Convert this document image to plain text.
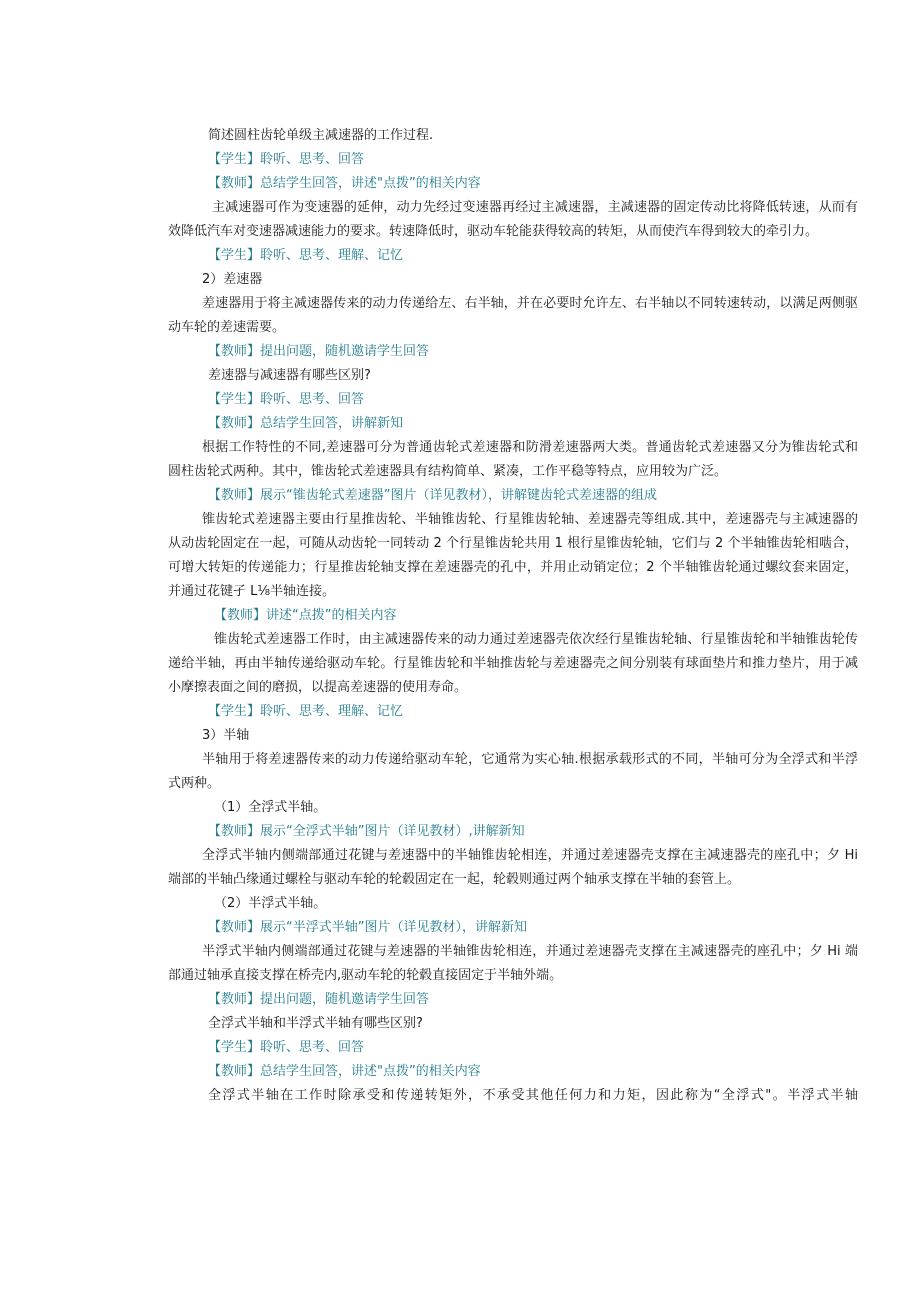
简述圆柱齿轮单级主减速器的工作过程.
【学生】聆听、思考、回答
【教师】总结学生回答，讲述"点拨”的相关内容
主减速器可作为变速器的延伸，动力先经过变速器再经过主减速器，主减速器的固定传动比将降低转速，从而有
效降低汽车对变速器减速能力的要求。转速降低时，驱动车轮能获得较高的转矩，从而使汽车得到较大的牵引力。
【学生】聆听、思考、理解、记忆
2）差速器
差速器用于将主减速器传来的动力传递给左、右半轴，并在必要时允许左、右半轴以不同转速转动，以满足两侧驱
动车轮的差速需要。
【教师】提出问题，随机邀请学生回答
差速器与减速器有哪些区别?
【学生】聆听、思考、回答
【教师】总结学生回答，讲解新知
根据工作特性的不同,差速器可分为普通齿轮式差速器和防滑差速器两大类。普通齿轮式差速器又分为锥齿轮式和
圆柱齿轮式两种。其中，锥齿轮式差速器具有结构简单、紧凑，工作平稳等特点，应用较为广泛。
【教师】展示“锥齿轮式差速器”图片（详见教材），讲解键齿轮式差速器的组成
锥齿轮式差速器主要由行星推齿轮、半轴锥齿轮、行星锥齿轮轴、差速器壳等组成.其中，差速器壳与主减速器的
从动齿轮固定在一起，可随从动齿轮一同转动 2 个行星锥齿轮共用 1 根行星锥齿轮轴，它们与 2 个半轴锥齿轮相啮合，
可增大转矩的传递能力；行星推齿轮轴支撑在差速器壳的孔中，并用止动销定位；2 个半轴锥齿轮通过螺纹套来固定，
并通过花键孑 L⅛半轴连接。
【教师】讲述“点拨”的相关内容
锥齿轮式差速器工作时，由主减速器传来的动力通过差速器壳依次经行星锥齿轮轴、行星锥齿轮和半轴锥齿轮传
递给半轴，再由半轴传递给驱动车轮。行星锥齿轮和半轴推齿轮与差速器壳之间分别装有球面垫片和推力垫片，用于减
小摩擦表面之间的磨损，以提高差速器的使用寿命。
【学生】聆听、思考、理解、记忆
3）半轴
半轴用于将差速器传来的动力传递给驱动车轮，它通常为实心轴.根据承载形式的不同，半轴可分为全浮式和半浮
式两种。
（1）全浮式半轴。
【教师】展示“全浮式半轴”图片（详见教材）,讲解新知
全浮式半轴内侧端部通过花键与差速器中的半轴锥齿轮相连，并通过差速器壳支撑在主减速器壳的座孔中；夕 Hi
端部的半轴凸缘通过螺栓与驱动车轮的轮毂固定在一起，轮毂则通过两个轴承支撑在半轴的套管上。
（2）半浮式半轴。
【教师】展示“半浮式半轴”图片（详见教材），讲解新知
半浮式半轴内侧端部通过花键与差速器的半轴锥齿轮相连，并通过差速器壳支撑在主减速器壳的座孔中；夕 Hi 端
部通过轴承直接支撑在桥壳内,驱动车轮的轮毂直接固定于半轴外端。
【教师】提出问题，随机邀请学生回答
全浮式半轴和半浮式半轴有哪些区别?
【学生】聆听、思考、回答
【教师】总结学生回答，讲述"点拨”的相关内容
全浮式半轴在工作时除承受和传递转矩外，不承受其他任何力和力矩，因此称为“全浮式"。半浮式半轴
